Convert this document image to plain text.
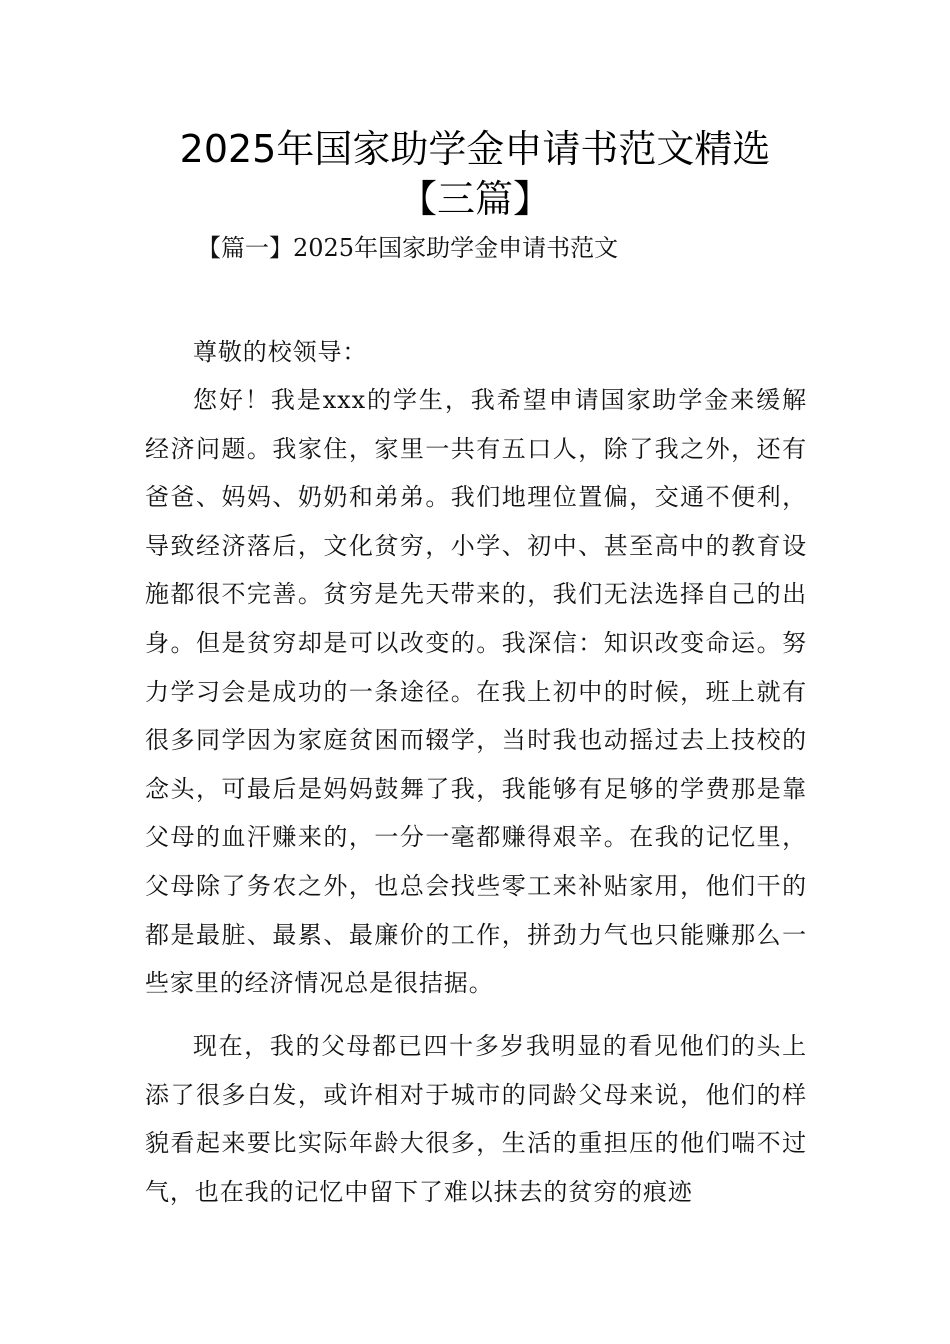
2025年国家助学金申请书范文精选【三篇】

【篇一】2025年国家助学金申请书范文

尊敬的校领导：

您好！我是xxx的学生，我希望申请国家助学金来缓解经济问题。我家住，家里一共有五口人，除了我之外，还有爸爸、妈妈、奶奶和弟弟。我们地理位置偏，交通不便利，导致经济落后，文化贫穷，小学、初中、甚至高中的教育设施都很不完善。贫穷是先天带来的，我们无法选择自己的出身。但是贫穷却是可以改变的。我深信：知识改变命运。努力学习会是成功的一条途径。在我上初中的时候，班上就有很多同学因为家庭贫困而辍学，当时我也动摇过去上技校的念头，可最后是妈妈鼓舞了我，我能够有足够的学费那是靠父母的血汗赚来的，一分一毫都赚得艰辛。在我的记忆里，父母除了务农之外，也总会找些零工来补贴家用，他们干的都是最脏、最累、最廉价的工作，拼劲力气也只能赚那么一些家里的经济情况总是很拮据。

现在，我的父母都已四十多岁我明显的看见他们的头上添了很多白发，或许相对于城市的同龄父母来说，他们的样貌看起来要比实际年龄大很多，生活的重担压的他们喘不过气，也在我的记忆中留下了难以抹去的贫穷的痕迹
